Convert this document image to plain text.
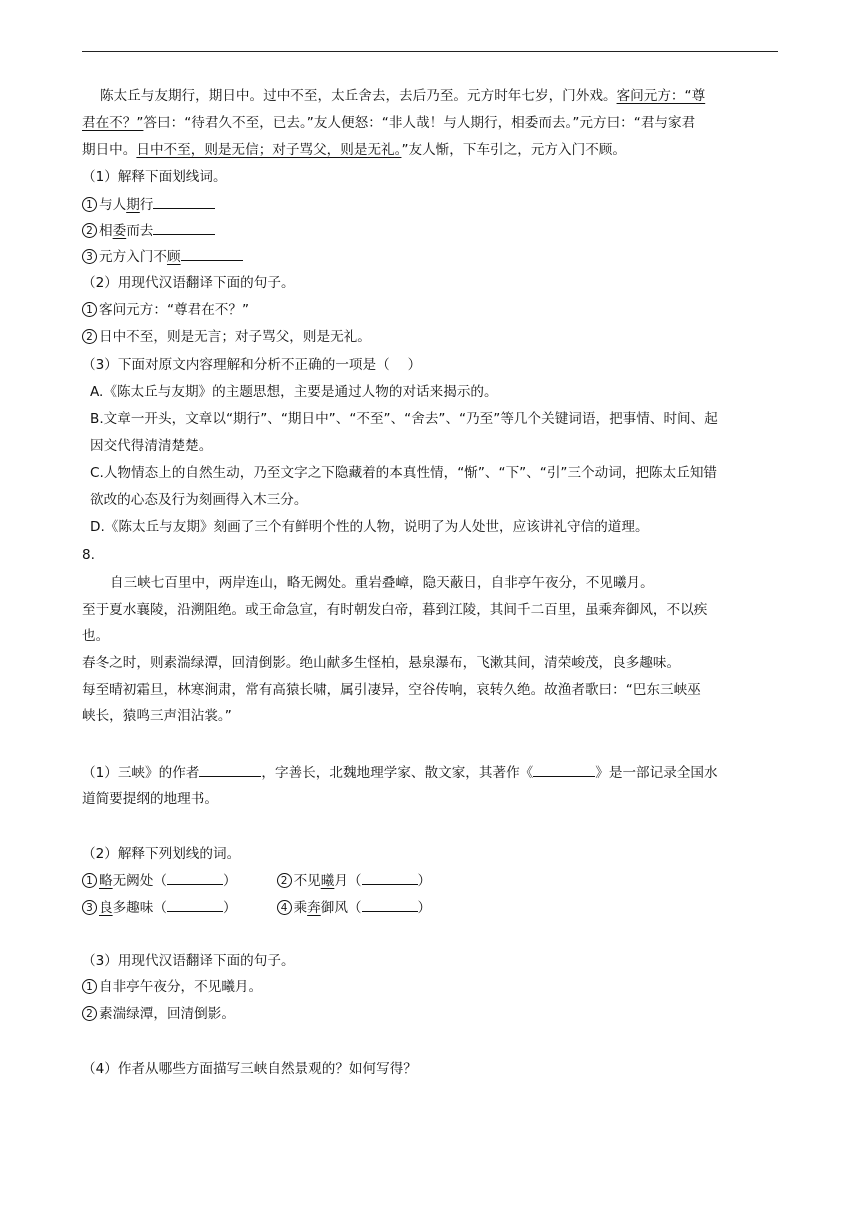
陈太丘与友期行，期日中。过中不至，太丘舍去，去后乃至。元方时年七岁，门外戏。客问元方：“尊
君在不？”答曰：“待君久不至，已去。”友人便怒：“非人哉！与人期行，相委而去。”元方曰：“君与家君
期日中。日中不至，则是无信；对子骂父，则是无礼。”友人惭，下车引之，元方入门不顾。
（1）解释下面划线词。
1 与人期行
2 相委而去
3 元方入门不顾
（2）用现代汉语翻译下面的句子。
1 客问元方：“尊君在不？”
2 日中不至，则是无言；对子骂父，则是无礼。
（3）下面对原文内容理解和分析不正确的一项是（　 ）
A.《陈太丘与友期》的主题思想，主要是通过人物的对话来揭示的。
B.文章一开头，文章以“期行”、“期日中”、“不至”、“舍去”、“乃至”等几个关键词语，把事情、时间、起
因交代得清清楚楚。
C.人物情态上的自然生动，乃至文字之下隐藏着的本真性情，“惭”、“下”、“引”三个动词，把陈太丘知错
欲改的心态及行为刻画得入木三分。
D.《陈太丘与友期》刻画了三个有鲜明个性的人物，说明了为人处世，应该讲礼守信的道理。
8.
自三峡七百里中，两岸连山，略无阙处。重岩叠嶂，隐天蔽日，自非亭午夜分，不见曦月。
至于夏水襄陵，沿溯阻绝。或王命急宣，有时朝发白帝，暮到江陵，其间千二百里，虽乘奔御风，不以疾
也。
春冬之时，则素湍绿潭，回清倒影。绝山献多生怪柏，悬泉瀑布，飞漱其间，清荣峻茂，良多趣味。
每至晴初霜旦，林寒涧肃，常有高猿长啸，属引凄异，空谷传响，哀转久绝。故渔者歌曰：“巴东三峡巫
峡长，猿鸣三声泪沾裳。”
（1）三峡》的作者	，字善长，北魏地理学家、散文家，其著作《	》是一部记录全国水
道简要提纲的地理书。
（2）解释下列划线的词。
1 略无阙处（	）	2 不见曦月（	）
3 良多趣味（	）	4 乘奔御风（	）
（3）用现代汉语翻译下面的句子。
1 自非亭午夜分，不见曦月。
2 素湍绿潭，回清倒影。
（4）作者从哪些方面描写三峡自然景观的？如何写得？
